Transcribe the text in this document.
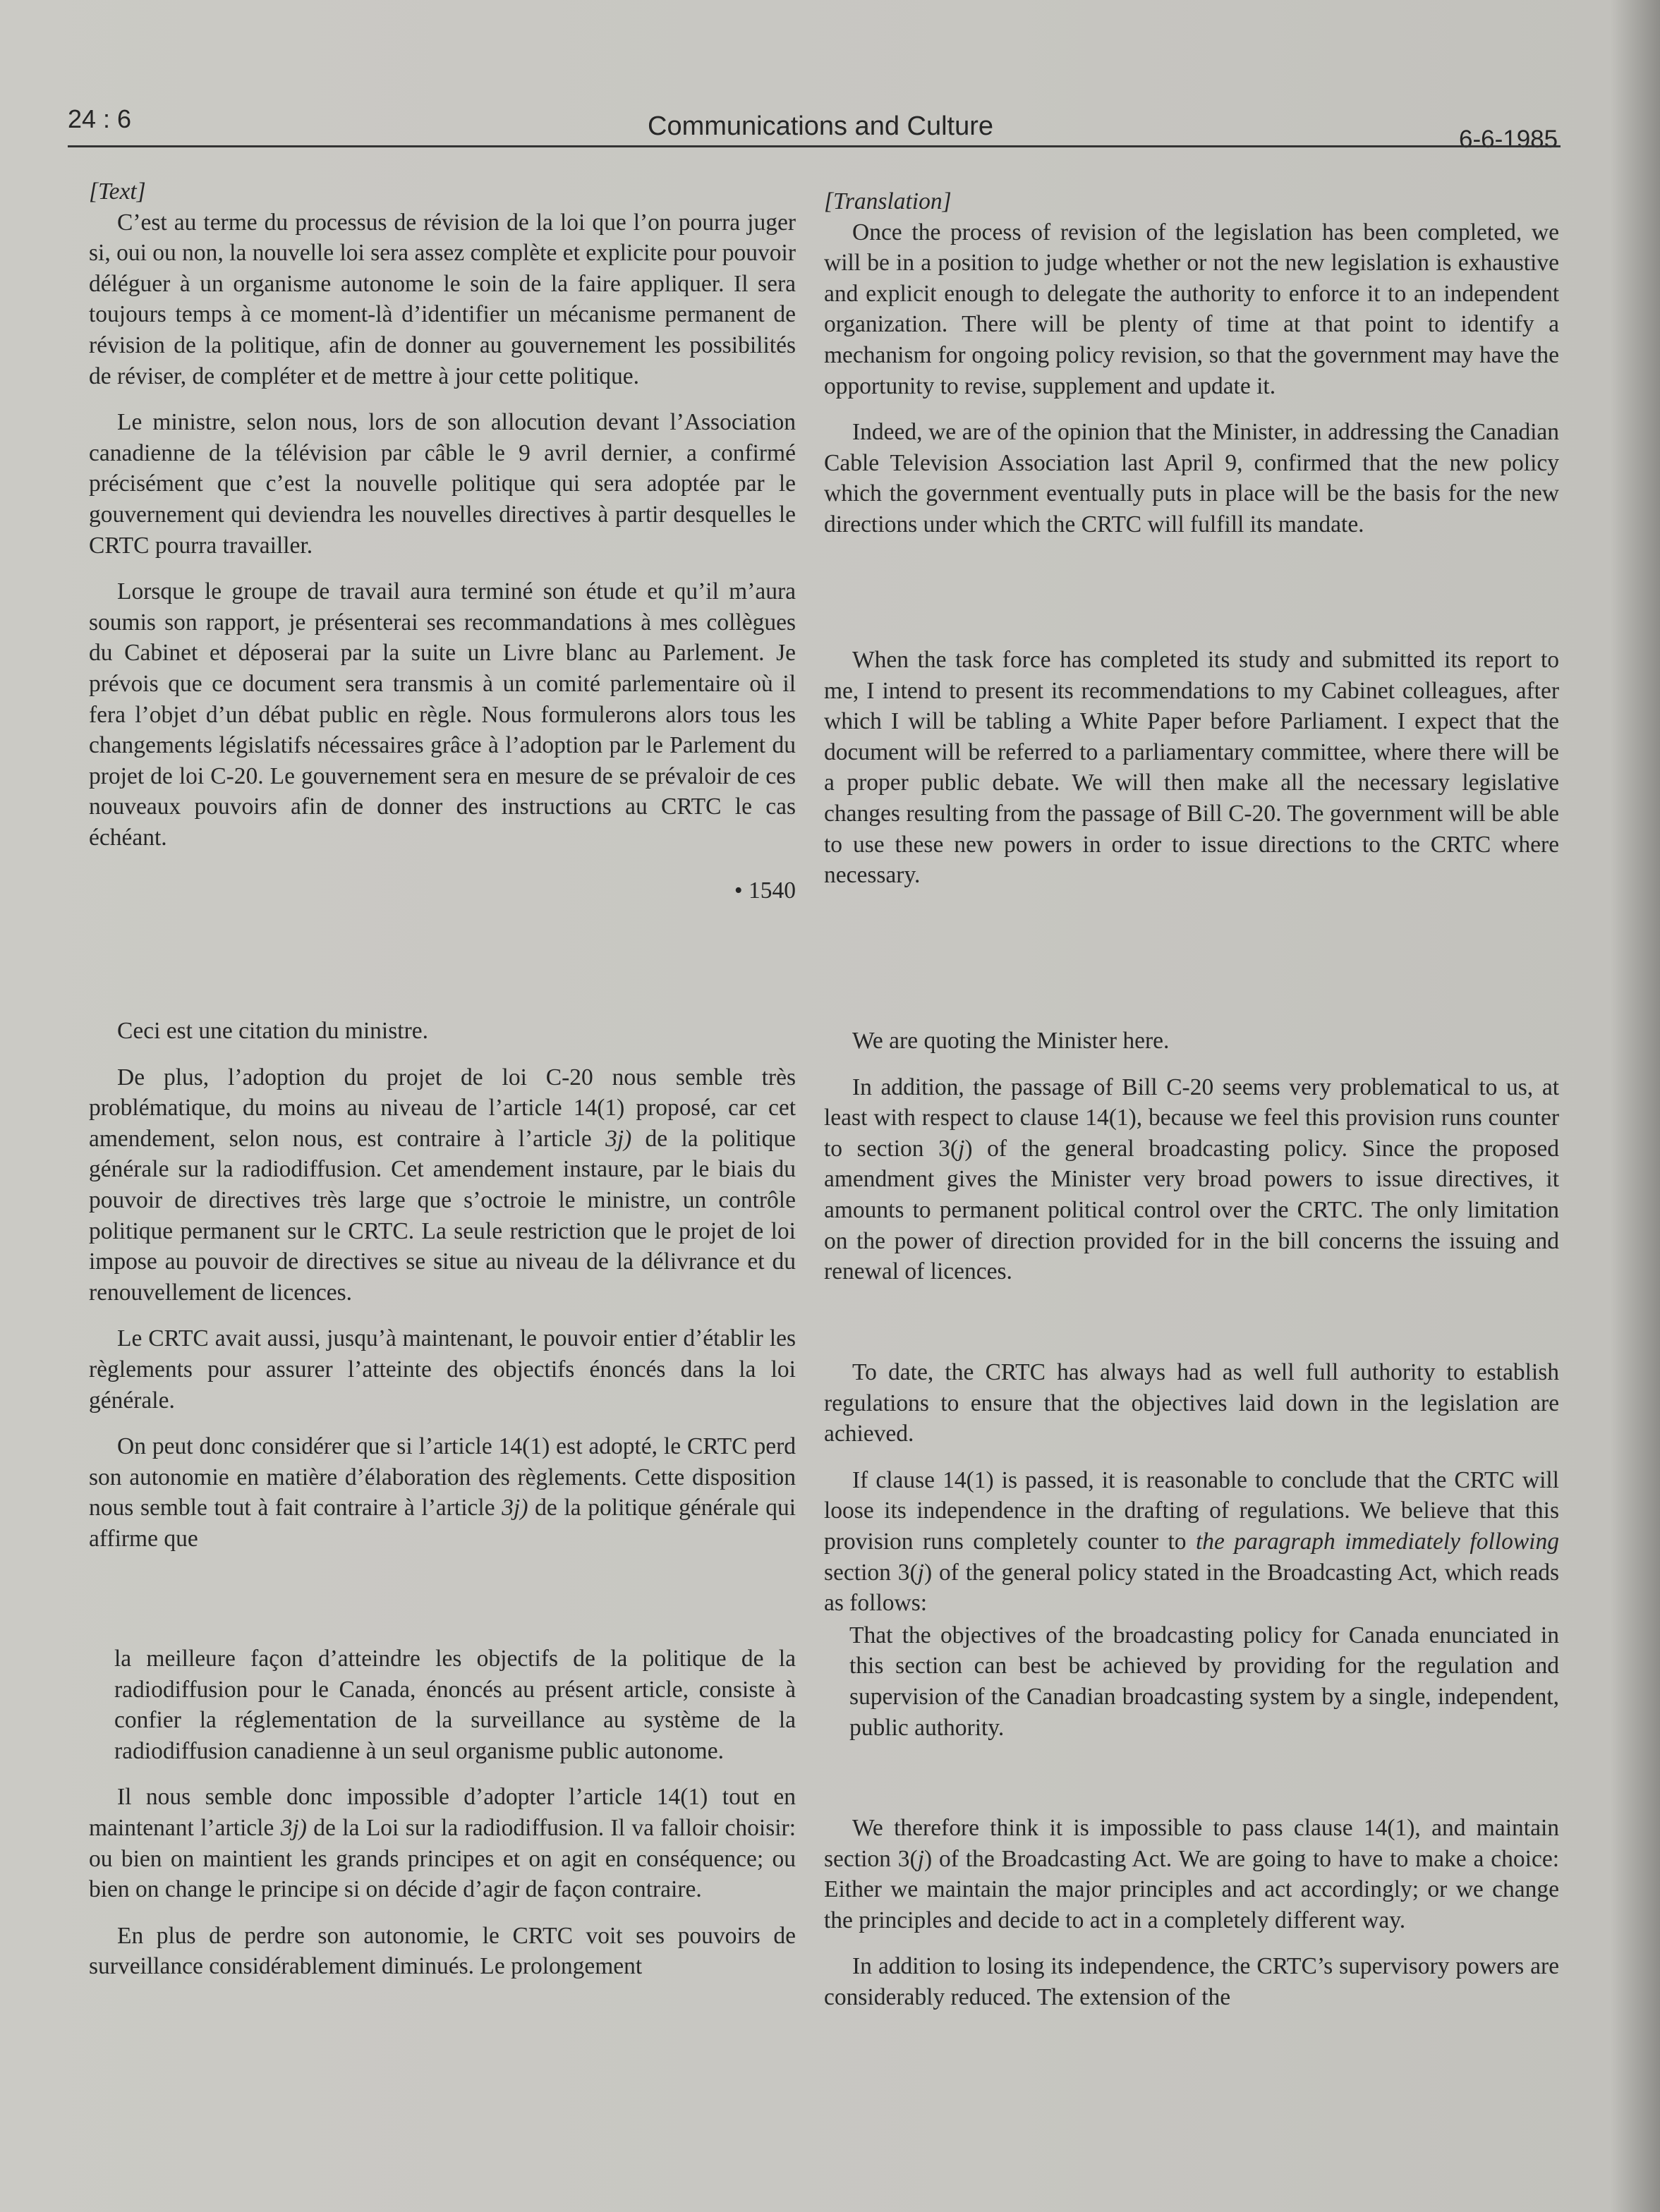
24 : 6	Communications and Culture	6-6-1985

[Text]

C’est au terme du processus de révision de la loi que l’on pourra juger si, oui ou non, la nouvelle loi sera assez complète et explicite pour pouvoir déléguer à un organisme autonome le soin de la faire appliquer. Il sera toujours temps à ce moment-là d’identifier un mécanisme permanent de révision de la politique, afin de donner au gouvernement les possibilités de réviser, de compléter et de mettre à jour cette politique.

Le ministre, selon nous, lors de son allocution devant l’Association canadienne de la télévision par câble le 9 avril dernier, a confirmé précisément que c’est la nouvelle politique qui sera adoptée par le gouvernement qui deviendra les nouvelles directives à partir desquelles le CRTC pourra travailler.

Lorsque le groupe de travail aura terminé son étude et qu’il m’aura soumis son rapport, je présenterai ses recommandations à mes collègues du Cabinet et déposerai par la suite un Livre blanc au Parlement. Je prévois que ce document sera transmis à un comité parlementaire où il fera l’objet d’un débat public en règle. Nous formulerons alors tous les changements législatifs nécessaires grâce à l’adoption par le Parlement du projet de loi C-20. Le gouvernement sera en mesure de se prévaloir de ces nouveaux pouvoirs afin de donner des instructions au CRTC le cas échéant.

• 1540

Ceci est une citation du ministre.

De plus, l’adoption du projet de loi C-20 nous semble très problématique, du moins au niveau de l’article 14(1) proposé, car cet amendement, selon nous, est contraire à l’article 3j) de la politique générale sur la radiodiffusion. Cet amendement instaure, par le biais du pouvoir de directives très large que s’octroie le ministre, un contrôle politique permanent sur le CRTC. La seule restriction que le projet de loi impose au pouvoir de directives se situe au niveau de la délivrance et du renouvellement de licences.

Le CRTC avait aussi, jusqu’à maintenant, le pouvoir entier d’établir les règlements pour assurer l’atteinte des objectifs énoncés dans la loi générale.

On peut donc considérer que si l’article 14(1) est adopté, le CRTC perd son autonomie en matière d’élaboration des règlements. Cette disposition nous semble tout à fait contraire à l’article 3j) de la politique générale qui affirme que

la meilleure façon d’atteindre les objectifs de la politique de la radiodiffusion pour le Canada, énoncés au présent article, consiste à confier la réglementation de la surveillance au système de la radiodiffusion canadienne à un seul organisme public autonome.

Il nous semble donc impossible d’adopter l’article 14(1) tout en maintenant l’article 3j) de la Loi sur la radiodiffusion. Il va falloir choisir: ou bien on maintient les grands principes et on agit en conséquence; ou bien on change le principe si on décide d’agir de façon contraire.

En plus de perdre son autonomie, le CRTC voit ses pouvoirs de surveillance considérablement diminués. Le prolongement

[Translation]

Once the process of revision of the legislation has been completed, we will be in a position to judge whether or not the new legislation is exhaustive and explicit enough to delegate the authority to enforce it to an independent organization. There will be plenty of time at that point to identify a mechanism for ongoing policy revision, so that the government may have the opportunity to revise, supplement and update it.

Indeed, we are of the opinion that the Minister, in addressing the Canadian Cable Television Association last April 9, confirmed that the new policy which the government eventually puts in place will be the basis for the new directions under which the CRTC will fulfill its mandate.

When the task force has completed its study and submitted its report to me, I intend to present its recommendations to my Cabinet colleagues, after which I will be tabling a White Paper before Parliament. I expect that the document will be referred to a parliamentary committee, where there will be a proper public debate. We will then make all the necessary legislative changes resulting from the passage of Bill C-20. The government will be able to use these new powers in order to issue directions to the CRTC where necessary.

We are quoting the Minister here.

In addition, the passage of Bill C-20 seems very problematical to us, at least with respect to clause 14(1), because we feel this provision runs counter to section 3(j) of the general broadcasting policy. Since the proposed amendment gives the Minister very broad powers to issue directives, it amounts to permanent political control over the CRTC. The only limitation on the power of direction provided for in the bill concerns the issuing and renewal of licences.

To date, the CRTC has always had as well full authority to establish regulations to ensure that the objectives laid down in the legislation are achieved.

If clause 14(1) is passed, it is reasonable to conclude that the CRTC will loose its independence in the drafting of regulations. We believe that this provision runs completely counter to the paragraph immediately following section 3(j) of the general policy stated in the Broadcasting Act, which reads as follows:

That the objectives of the broadcasting policy for Canada enunciated in this section can best be achieved by providing for the regulation and supervision of the Canadian broadcasting system by a single, independent, public authority.

We therefore think it is impossible to pass clause 14(1), and maintain section 3(j) of the Broadcasting Act. We are going to have to make a choice: Either we maintain the major principles and act accordingly; or we change the principles and decide to act in a completely different way.

In addition to losing its independence, the CRTC’s supervisory powers are considerably reduced. The extension of the
